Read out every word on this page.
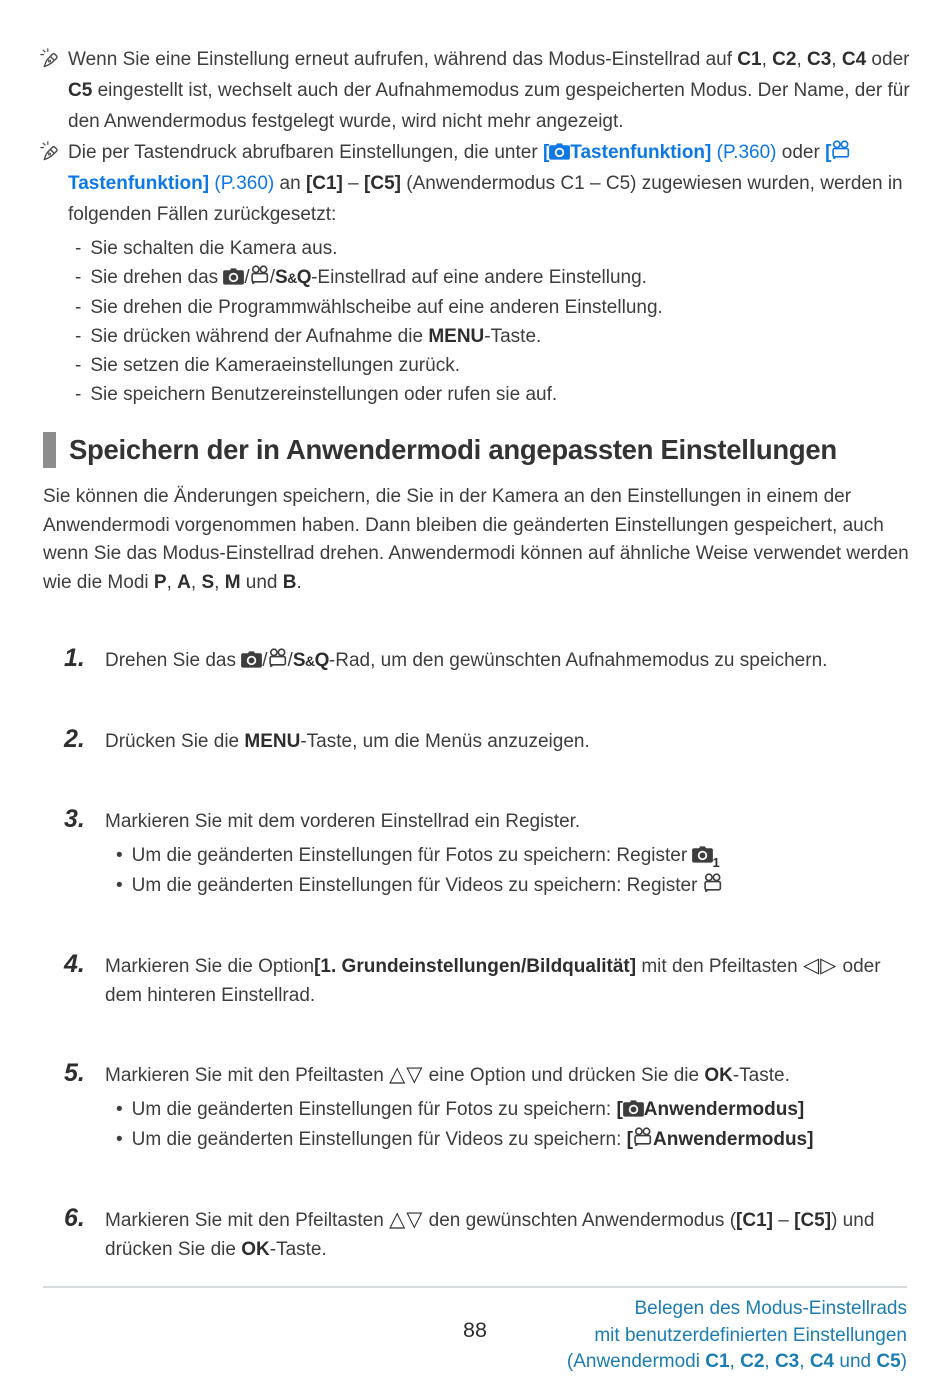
Wenn Sie eine Einstellung erneut aufrufen, während das Modus-Einstellrad auf C1, C2, C3, C4 oder C5 eingestellt ist, wechselt auch der Aufnahmemodus zum gespeicherten Modus. Der Name, der für den Anwendermodus festgelegt wurde, wird nicht mehr angezeigt.
Die per Tastendruck abrufbaren Einstellungen, die unter [ Tastenfunktion] (P.360) oder [Tastenfunktion] (P.360) an [C1] – [C5] (Anwendermodus C1 – C5) zugewiesen wurden, werden in folgenden Fällen zurückgesetzt:
- Sie schalten die Kamera aus.
- Sie drehen das / /S&Q-Einstellrad auf eine andere Einstellung.
- Sie drehen die Programmwählscheibe auf eine anderen Einstellung.
- Sie drücken während der Aufnahme die MENU-Taste.
- Sie setzen die Kameraeinstellungen zurück.
- Sie speichern Benutzereinstellungen oder rufen sie auf.
Speichern der in Anwendermodi angepassten Einstellungen
Sie können die Änderungen speichern, die Sie in der Kamera an den Einstellungen in einem der Anwendermodi vorgenommen haben. Dann bleiben die geänderten Einstellungen gespeichert, auch wenn Sie das Modus-Einstellrad drehen. Anwendermodi können auf ähnliche Weise verwendet werden wie die Modi P, A, S, M und B.
1. Drehen Sie das / /S&Q-Rad, um den gewünschten Aufnahmemodus zu speichern.
2. Drücken Sie die MENU-Taste, um die Menüs anzuzeigen.
3. Markieren Sie mit dem vorderen Einstellrad ein Register.
• Um die geänderten Einstellungen für Fotos zu speichern: Register $_1$
• Um die geänderten Einstellungen für Videos zu speichern: Register
4. Markieren Sie die Option[1. Grundeinstellungen/Bildqualität] mit den Pfeiltasten ◁▷ oder dem hinteren Einstellrad.
5. Markieren Sie mit den Pfeiltasten △▽ eine Option und drücken Sie die OK-Taste.
• Um die geänderten Einstellungen für Fotos zu speichern: [ Anwendermodus]
• Um die geänderten Einstellungen für Videos zu speichern: [ Anwendermodus]
6. Markieren Sie mit den Pfeiltasten △▽ den gewünschten Anwendermodus ([C1] – [C5]) und drücken Sie die OK-Taste.
88
Belegen des Modus-Einstellrads
mit benutzerdefinierten Einstellungen
(Anwendermodi C1, C2, C3, C4 und C5)
